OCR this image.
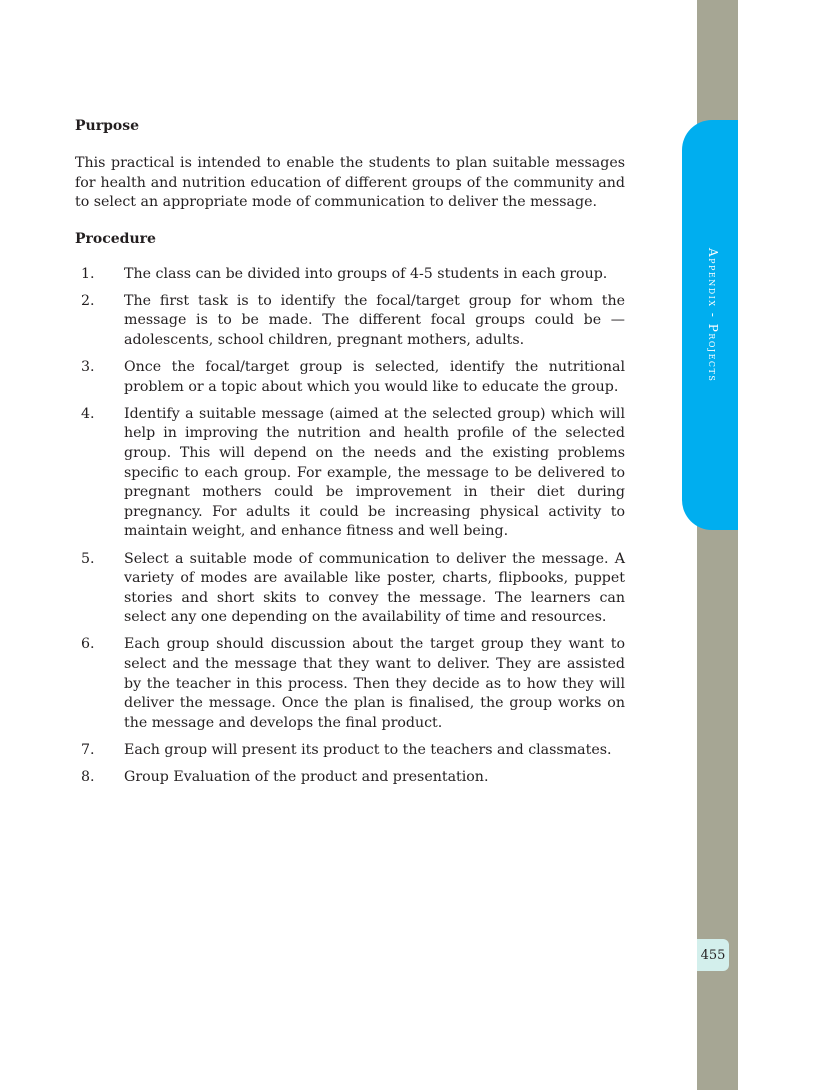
Appendix - Projects
455
Purpose

This practical is intended to enable the students to plan suitable messages for health and nutrition education of different groups of the community and to select an appropriate mode of communication to deliver the message.

Procedure
1.	The class can be divided into groups of 4-5 students in each group.
2.	The first task is to identify the focal/target group for whom the message is to be made. The different focal groups could be — adolescents, school children, pregnant mothers, adults.
3.	Once the focal/target group is selected, identify the nutritional problem or a topic about which you would like to educate the group.
4.	Identify a suitable message (aimed at the selected group) which will help in improving the nutrition and health profile of the selected group. This will depend on the needs and the existing problems specific to each group. For example, the message to be delivered to pregnant mothers could be improvement in their diet during pregnancy. For adults it could be increasing physical activity to maintain weight, and enhance fitness and well being.
5.	Select a suitable mode of communication to deliver the message. A variety of modes are available like poster, charts, flipbooks, puppet stories and short skits to convey the message. The learners can select any one depending on the availability of time and resources.
6.	Each group should discussion about the target group they want to select and the message that they want to deliver. They are assisted by the teacher in this process. Then they decide as to how they will deliver the message. Once the plan is finalised, the group works on the message and develops the final product.
7.	Each group will present its product to the teachers and classmates.
8.	Group Evaluation of the product and presentation.
